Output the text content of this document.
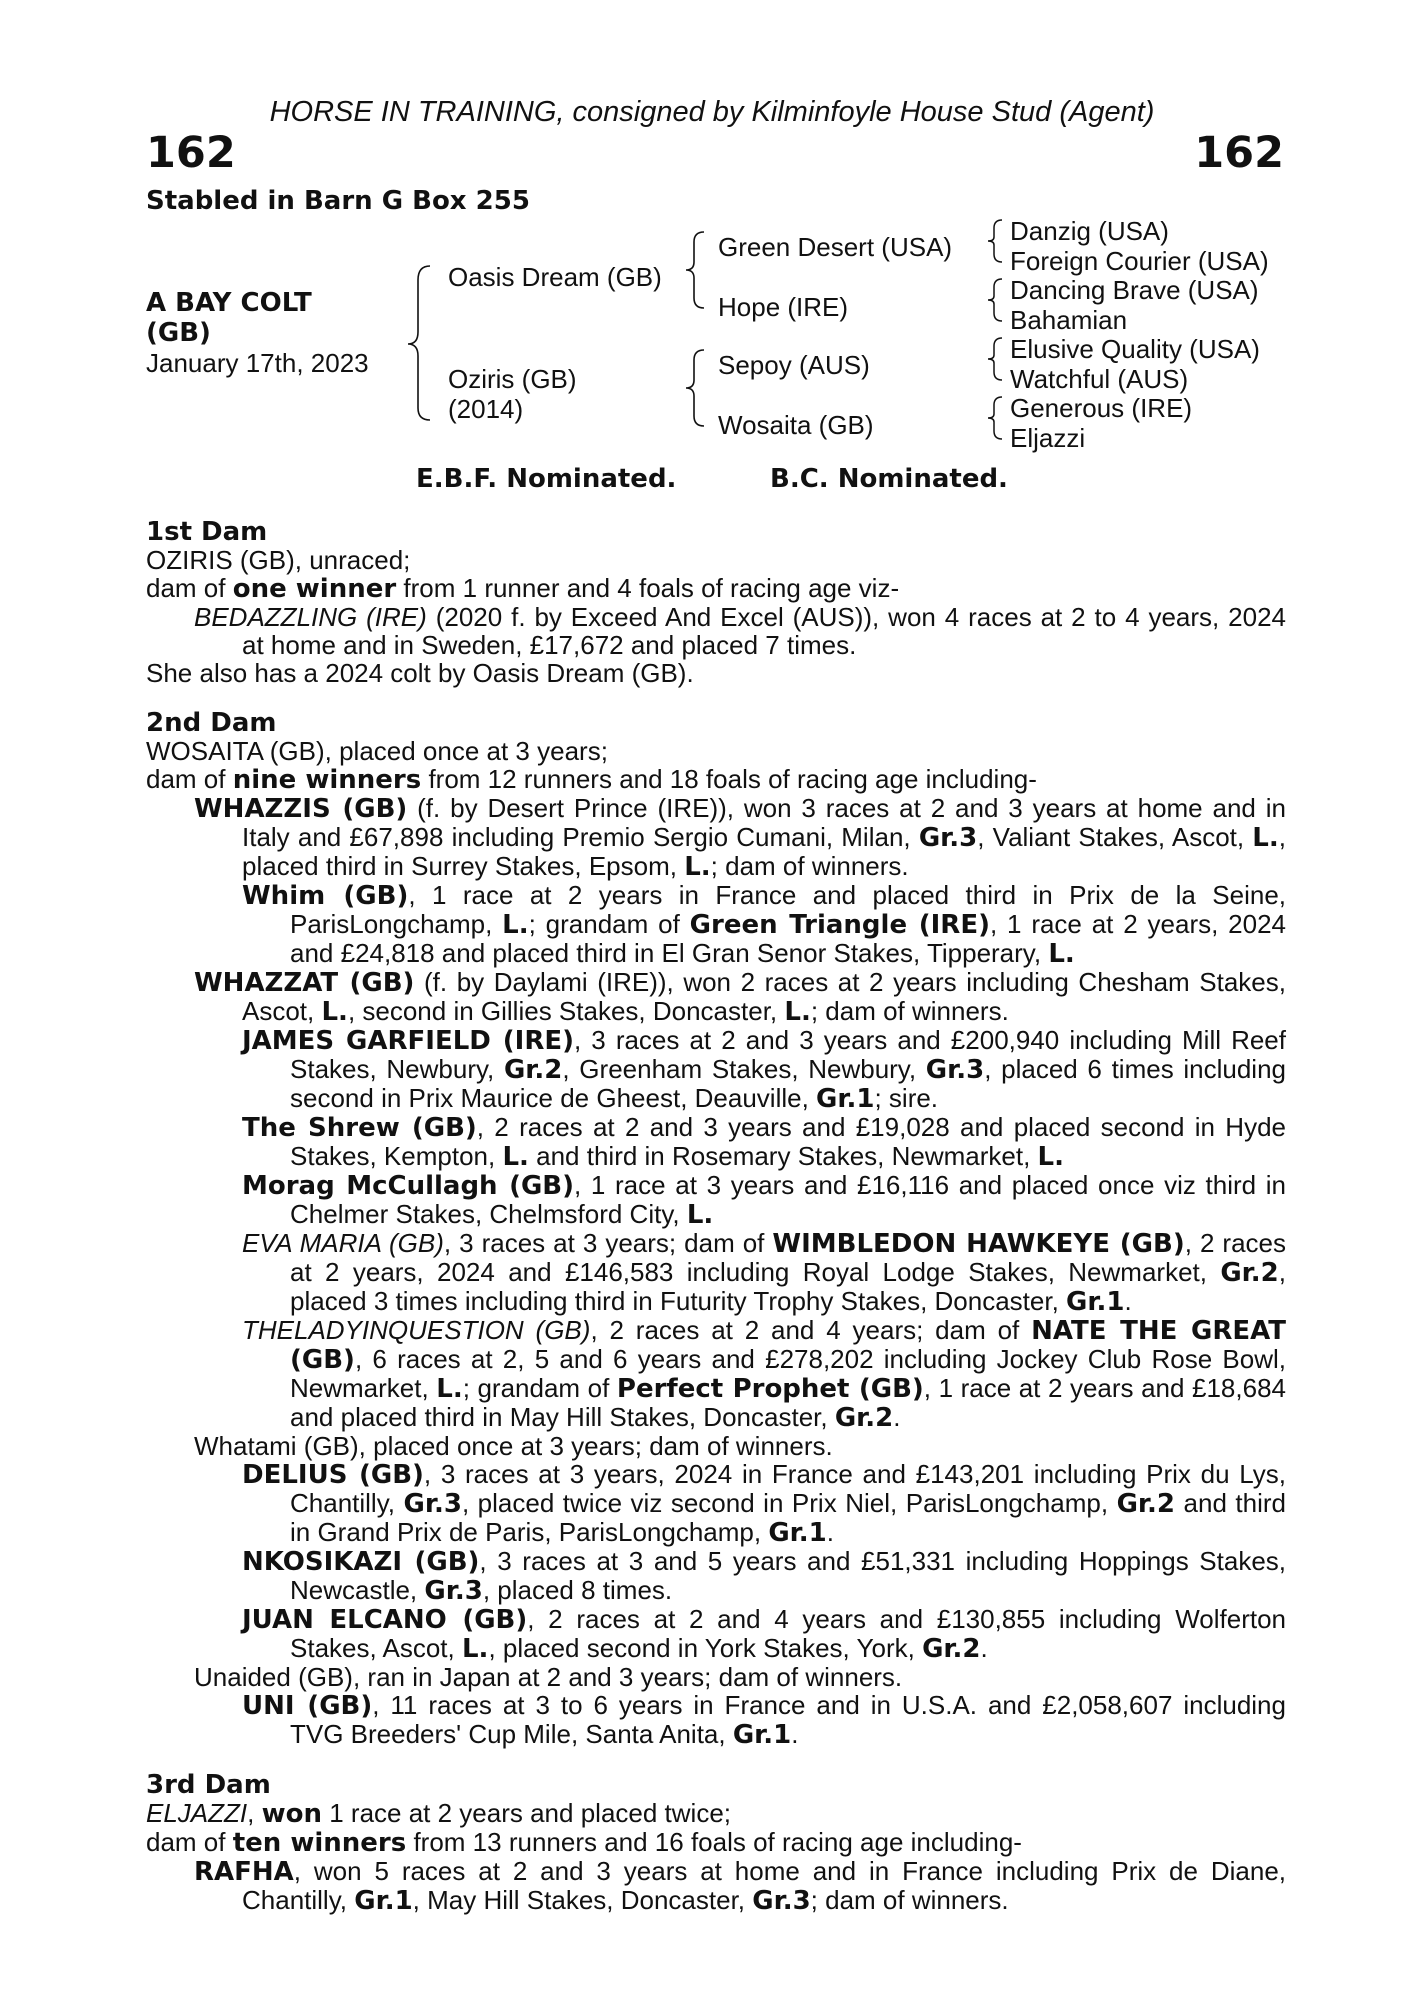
HORSE IN TRAINING, consigned by Kilminfoyle House Stud (Agent)
162	162
Stabled in Barn G Box 255
A BAY COLT
(GB)
January 17th, 2023
Oasis Dream (GB)
Oziris (GB)
(2014)
Green Desert (USA)
Hope (IRE)
Sepoy (AUS)
Wosaita (GB)
Danzig (USA)
Foreign Courier (USA)
Dancing Brave (USA)
Bahamian
Elusive Quality (USA)
Watchful (AUS)
Generous (IRE)
Eljazzi
E.B.F. Nominated.	B.C. Nominated.
1st Dam
OZIRIS (GB), unraced;
dam of one winner from 1 runner and 4 foals of racing age viz-
BEDAZZLING (IRE) (2020 f. by Exceed And Excel (AUS)), won 4 races at 2 to 4 years, 2024 at home and in Sweden, £17,672 and placed 7 times.
She also has a 2024 colt by Oasis Dream (GB).
2nd Dam
WOSAITA (GB), placed once at 3 years;
dam of nine winners from 12 runners and 18 foals of racing age including-
WHAZZIS (GB) (f. by Desert Prince (IRE)), won 3 races at 2 and 3 years at home and in Italy and £67,898 including Premio Sergio Cumani, Milan, Gr.3, Valiant Stakes, Ascot, L., placed third in Surrey Stakes, Epsom, L.; dam of winners.
Whim (GB), 1 race at 2 years in France and placed third in Prix de la Seine, ParisLongchamp, L.; grandam of Green Triangle (IRE), 1 race at 2 years, 2024 and £24,818 and placed third in El Gran Senor Stakes, Tipperary, L.
WHAZZAT (GB) (f. by Daylami (IRE)), won 2 races at 2 years including Chesham Stakes, Ascot, L., second in Gillies Stakes, Doncaster, L.; dam of winners.
JAMES GARFIELD (IRE), 3 races at 2 and 3 years and £200,940 including Mill Reef Stakes, Newbury, Gr.2, Greenham Stakes, Newbury, Gr.3, placed 6 times including second in Prix Maurice de Gheest, Deauville, Gr.1; sire.
The Shrew (GB), 2 races at 2 and 3 years and £19,028 and placed second in Hyde Stakes, Kempton, L. and third in Rosemary Stakes, Newmarket, L.
Morag McCullagh (GB), 1 race at 3 years and £16,116 and placed once viz third in Chelmer Stakes, Chelmsford City, L.
EVA MARIA (GB), 3 races at 3 years; dam of WIMBLEDON HAWKEYE (GB), 2 races at 2 years, 2024 and £146,583 including Royal Lodge Stakes, Newmarket, Gr.2, placed 3 times including third in Futurity Trophy Stakes, Doncaster, Gr.1.
THELADYINQUESTION (GB), 2 races at 2 and 4 years; dam of NATE THE GREAT (GB), 6 races at 2, 5 and 6 years and £278,202 including Jockey Club Rose Bowl, Newmarket, L.; grandam of Perfect Prophet (GB), 1 race at 2 years and £18,684 and placed third in May Hill Stakes, Doncaster, Gr.2.
Whatami (GB), placed once at 3 years; dam of winners.
DELIUS (GB), 3 races at 3 years, 2024 in France and £143,201 including Prix du Lys, Chantilly, Gr.3, placed twice viz second in Prix Niel, ParisLongchamp, Gr.2 and third in Grand Prix de Paris, ParisLongchamp, Gr.1.
NKOSIKAZI (GB), 3 races at 3 and 5 years and £51,331 including Hoppings Stakes, Newcastle, Gr.3, placed 8 times.
JUAN ELCANO (GB), 2 races at 2 and 4 years and £130,855 including Wolferton Stakes, Ascot, L., placed second in York Stakes, York, Gr.2.
Unaided (GB), ran in Japan at 2 and 3 years; dam of winners.
UNI (GB), 11 races at 3 to 6 years in France and in U.S.A. and £2,058,607 including TVG Breeders' Cup Mile, Santa Anita, Gr.1.
3rd Dam
ELJAZZI, won 1 race at 2 years and placed twice;
dam of ten winners from 13 runners and 16 foals of racing age including-
RAFHA, won 5 races at 2 and 3 years at home and in France including Prix de Diane, Chantilly, Gr.1, May Hill Stakes, Doncaster, Gr.3; dam of winners.
